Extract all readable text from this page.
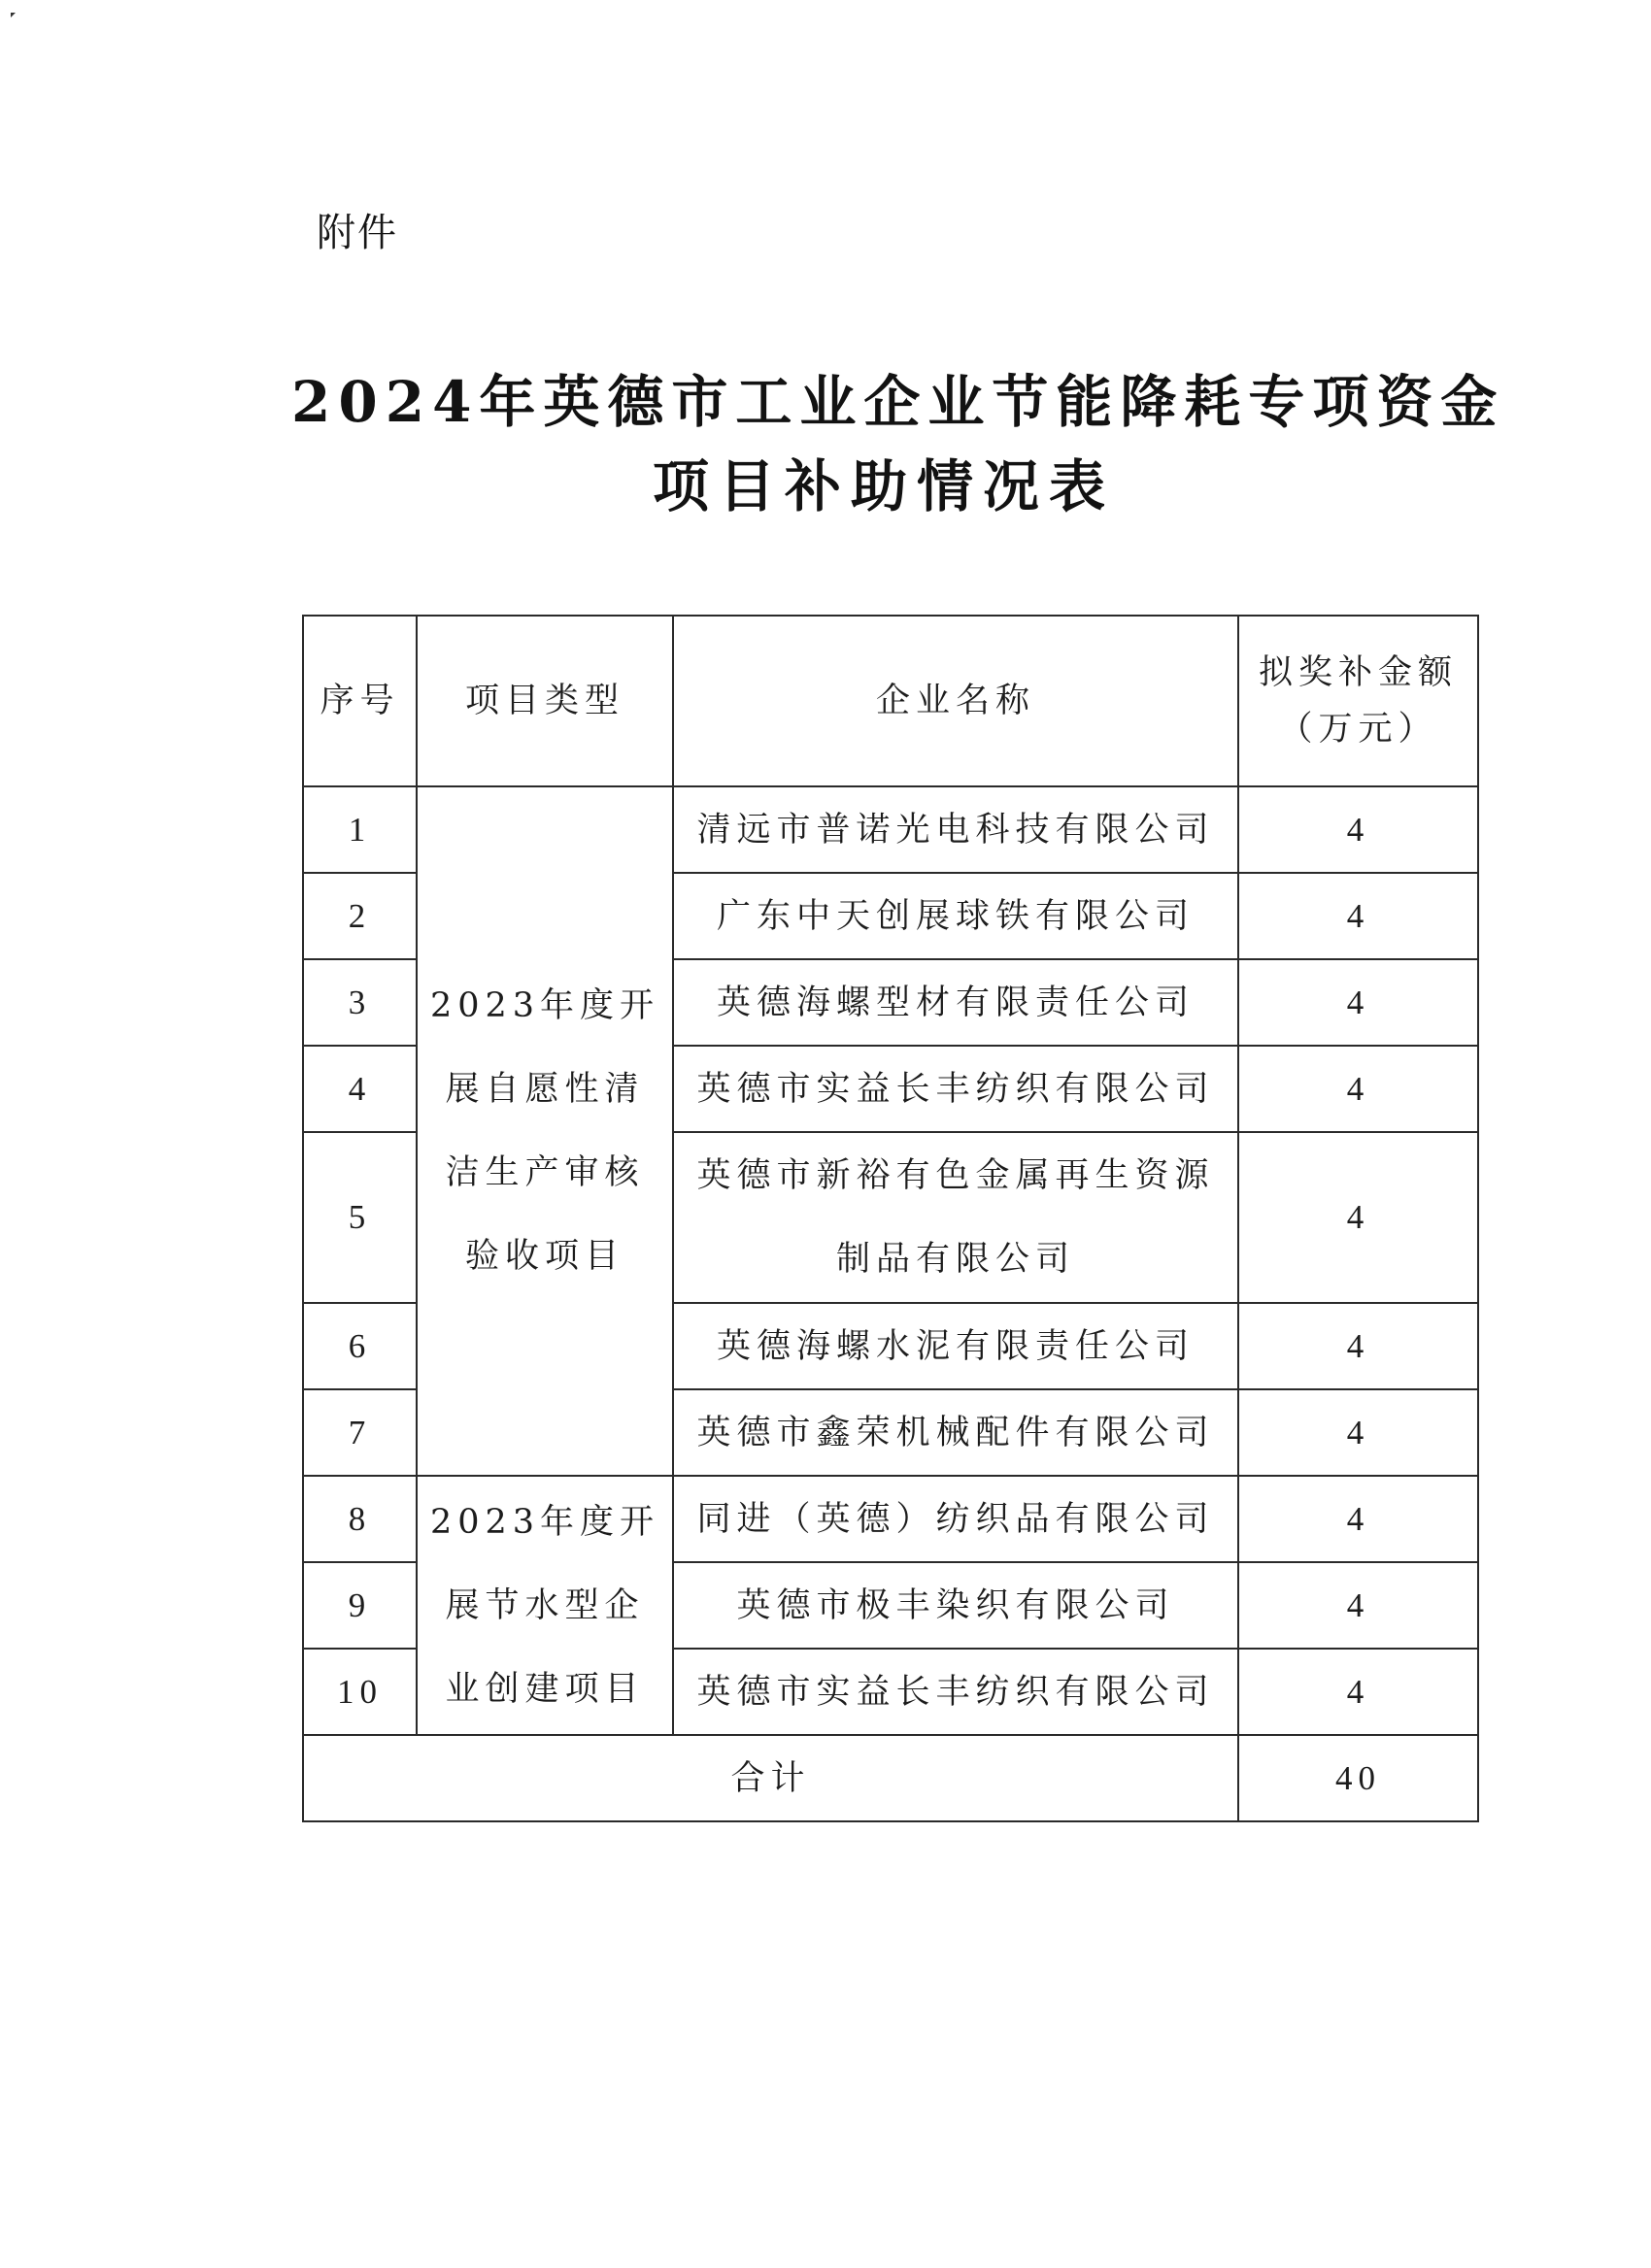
附件
2024年英德市工业企业节能降耗专项资金
项目补助情况表
序号	项目类型	企业名称	拟奖补金额
（万元）

1	2023年度开
展自愿性清
洁生产审核
验收项目	清远市普诺光电科技有限公司	4
2		广东中天创展球铁有限公司	4
3		英德海螺型材有限责任公司	4
4		英德市实益长丰纺织有限公司	4
5		英德市新裕有色金属再生资源
制品有限公司	4
6		英德海螺水泥有限责任公司	4
7		英德市鑫荣机械配件有限公司	4
8	2023年度开
展节水型企
业创建项目	同进（英德）纺织品有限公司	4
9		英德市极丰染织有限公司	4
10		英德市实益长丰纺织有限公司	4
合计			40
